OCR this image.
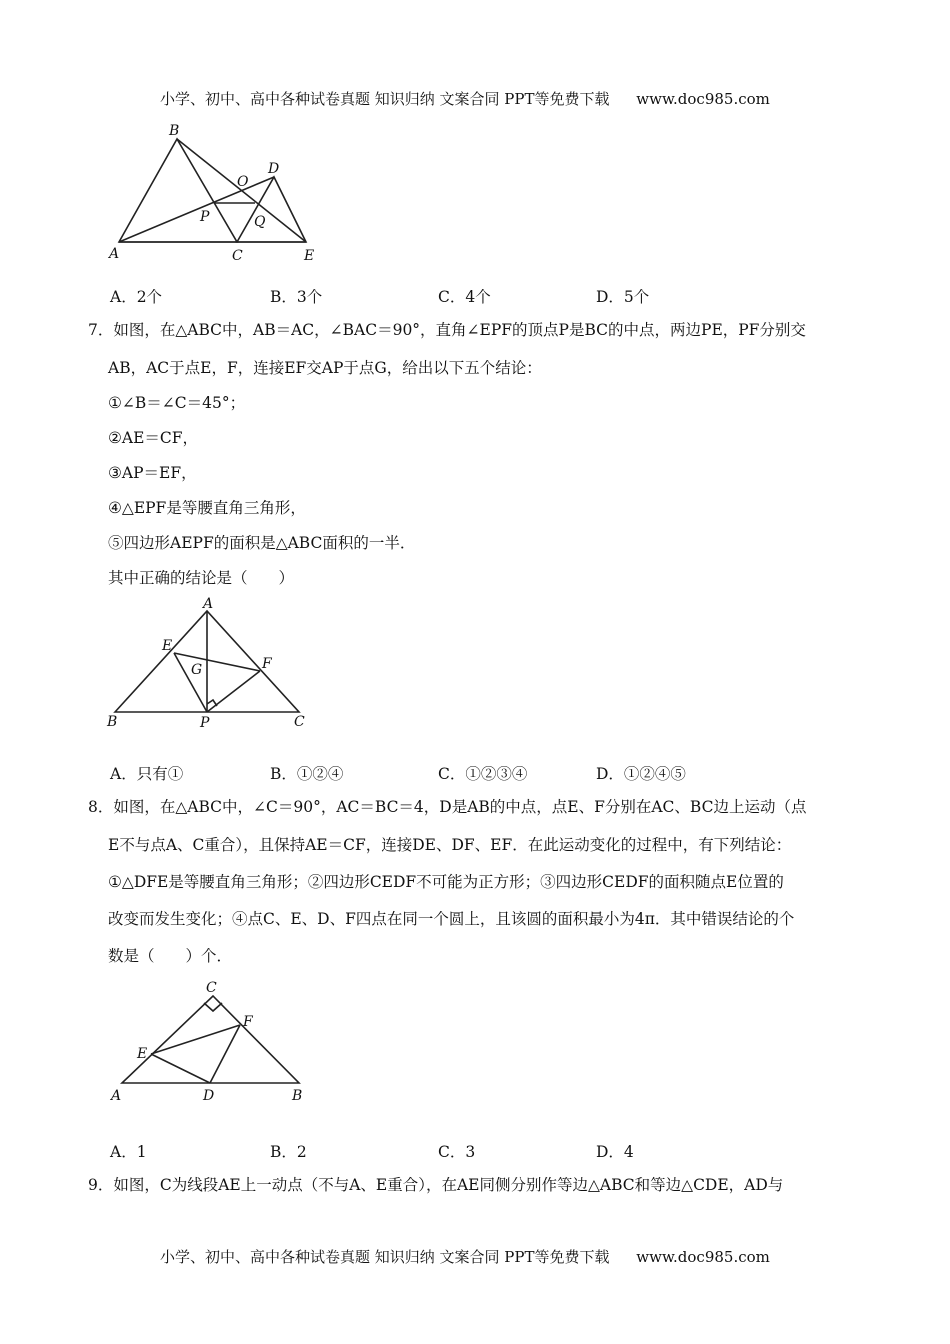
小学、初中、高中各种试卷真题 知识归纳 文案合同 PPT等免费下载 www.doc985.com
B
D
O
P	Q
A	C	E
A．2个	B．3个	C．4个	D．5个
7．如图，在△ABC中，AB＝AC，∠BAC＝90°，直角∠EPF的顶点P是BC的中点，两边PE，PF分别交
AB，AC于点E，F，连接EF交AP于点G，给出以下五个结论：
①∠B＝∠C＝45°；
②AE＝CF，
③AP＝EF，
④△EPF是等腰直角三角形，
⑤四边形AEPF的面积是△ABC面积的一半．
其中正确的结论是（　　）
A
E
G	F
B	P	C
A．只有①	B．①②④	C．①②③④	D．①②④⑤
8．如图，在△ABC中，∠C＝90°，AC＝BC＝4，D是AB的中点，点E、F分别在AC、BC边上运动（点
E不与点A、C重合），且保持AE＝CF，连接DE、DF、EF．在此运动变化的过程中，有下列结论：
①△DFE是等腰直角三角形；②四边形CEDF不可能为正方形；③四边形CEDF的面积随点E位置的
改变而发生变化；④点C、E、D、F四点在同一个圆上，且该圆的面积最小为4π．其中错误结论的个
数是（　　）个．
C
F
E
A	D	B
A．1	B．2	C．3	D．4
9．如图，C为线段AE上一动点（不与A、E重合），在AE同侧分别作等边△ABC和等边△CDE，AD与
小学、初中、高中各种试卷真题 知识归纳 文案合同 PPT等免费下载 www.doc985.com
